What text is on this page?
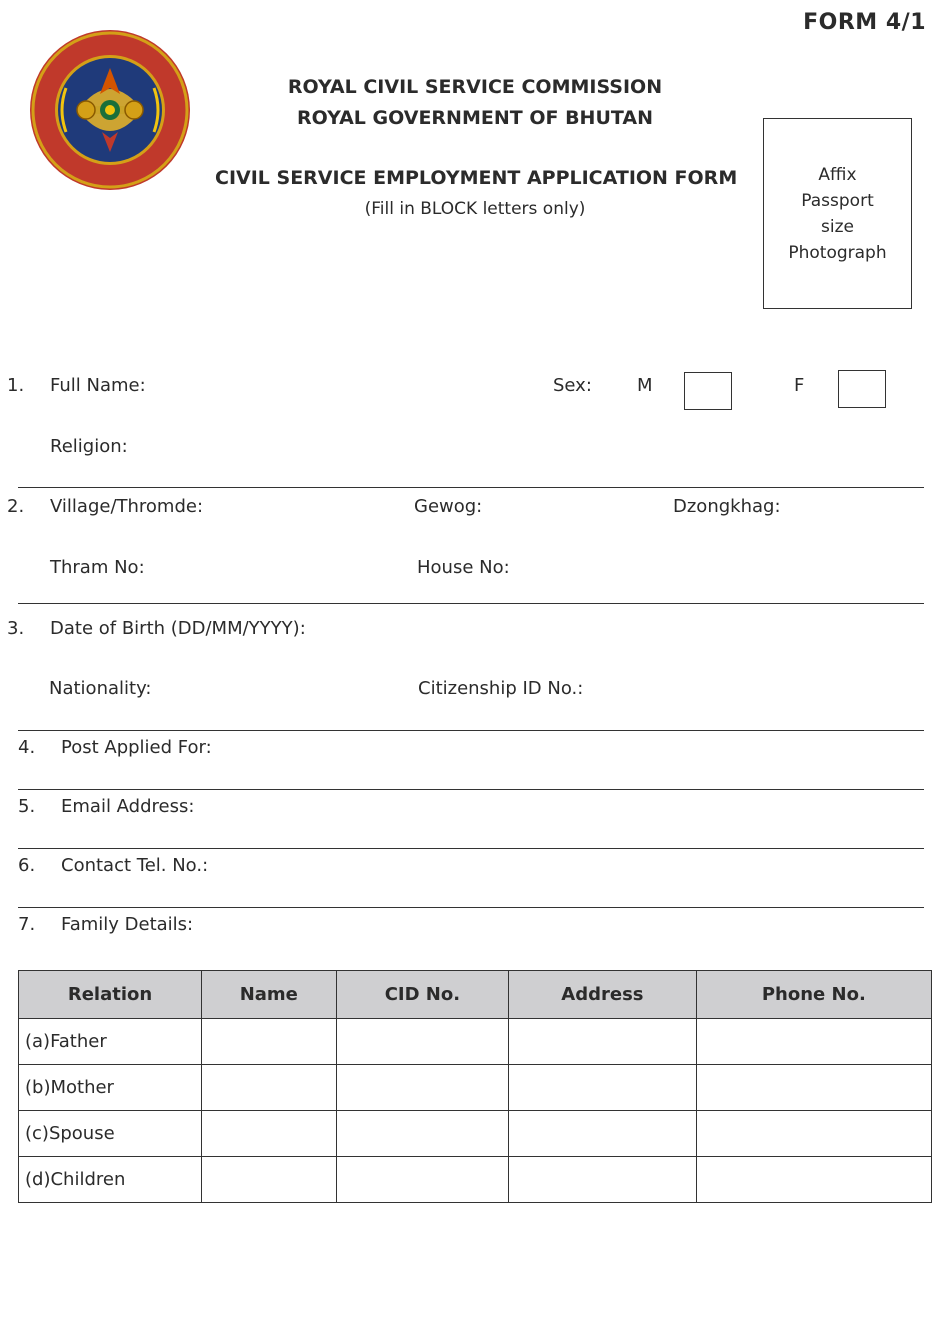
FORM 4/1
ROYAL CIVIL SERVICE COMMISSION
ROYAL GOVERNMENT OF BHUTAN
CIVIL SERVICE EMPLOYMENT APPLICATION FORM
(Fill in BLOCK letters only)
Affix
Passport
size
Photograph
1. Full Name:	Sex:	M	F
Religion:
2. Village/Thromde:	Gewog:	Dzongkhag:
Thram No:	House No:
3. Date of Birth (DD/MM/YYYY):
Nationality:	Citizenship ID No.:
4. Post Applied For:
5. Email Address:
6. Contact Tel. No.:
7. Family Details:
Relation	Name	CID No.	Address	Phone No.
(a)Father				
(b)Mother				
(c)Spouse				
(d)Children				
